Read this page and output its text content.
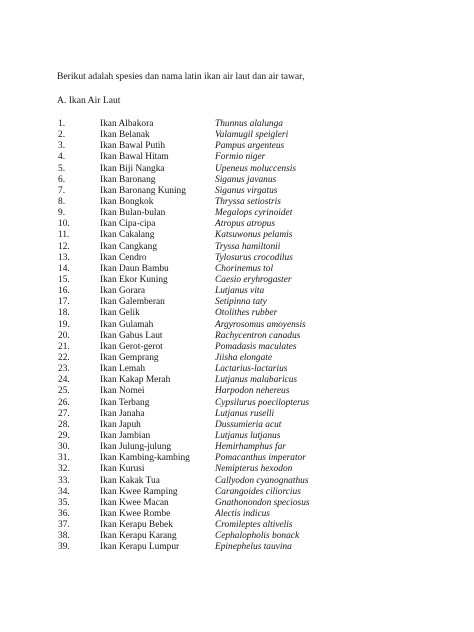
Berikut adalah spesies dan nama latin ikan air laut dan air tawar,
A. Ikan Air Laut
1.	Ikan Albakora	Thunnus alalunga
2.	Ikan Belanak	Valamugil speigleri
3.	Ikan Bawal Putih	Pampus argenteus
4.	Ikan Bawal Hitam	Formio niger
5.	Ikan Biji Nangka	Upeneus moluccensis
6.	Ikan Baronang	Siganus javanus
7.	Ikan Baronang Kuning	Siganus virgatus
8.	Ikan Bongkok	Thryssa setiostris
9.	Ikan Bulan-bulan	Megalops cyrinoidet
10.	Ikan Cipa-cipa	Atropus atropus
11.	Ikan Cakalang	Katsuwonus pelamis
12.	Ikan Cangkang	Tryssa hamiltonii
13.	Ikan Cendro	Tylosurus crocodilus
14.	Ikan Daun Bambu	Chorinemus tol
15.	Ikan Ekor Kuning	Caesio eryhrogaster
16.	Ikan Gorara	Lutjanus vita
17.	Ikan Galemberan	Setipinna taty
18.	Ikan Gelik	Otolithes rubber
19.	Ikan Gulamah	Argyrosomus amoyensis
20.	Ikan Gabus Laut	Rachycentron canadus
21.	Ikan Gerot-gerot	Pomadasis maculates
22.	Ikan Gemprang	Jiisha elongate
23.	Ikan Lemah	Lactarius-lactarius
24.	Ikan Kakap Merah	Lutjanus malabaricus
25.	Ikan Nomei	Harpodon nehereus
26.	Ikan Terbang	Cypsilurus poecilopterus
27.	Ikan Janaha	Lutjanus ruselli
28.	Ikan Japuh	Dussumieria acut
29.	Ikan Jambian	Lutjanus lutjanus
30.	Ikan Julung-julung	Hemirhamphus far
31.	Ikan Kambing-kambing	Pomacanthus imperator
32.	Ikan Kurusi	Nemipterus hexodon
33.	Ikan Kakak Tua	Callyodon cyanognathus
34.	Ikan Kwee Ramping	Carangoides ciliorcius
35.	Ikan Kwee Macan	Gnathonondon speciosus
36.	Ikan Kwee Rombe	Alectis indicus
37.	Ikan Kerapu Bebek	Cromileptes altivelis
38.	Ikan Kerapu Karang	Cephalopholis bonack
39.	Ikan Kerapu Lumpur	Epinephelus tauvina
